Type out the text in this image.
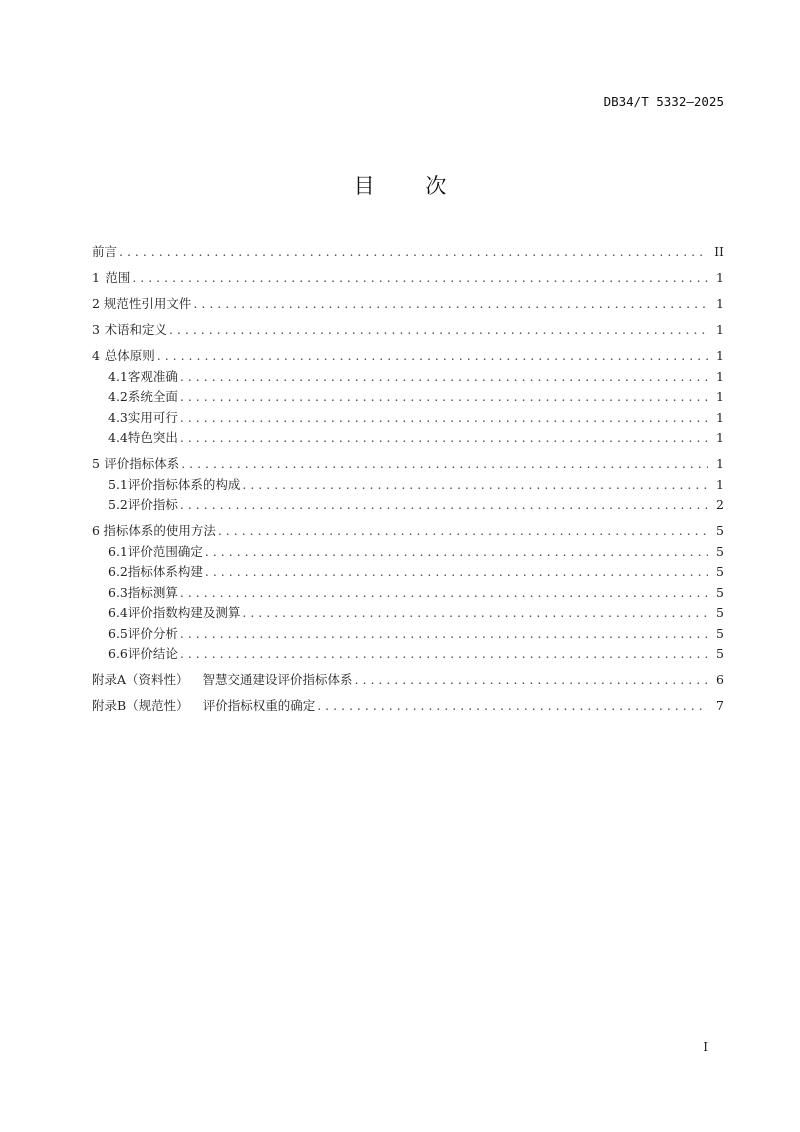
DB34/T 5332—2025
目 次
前言 . . .	II
1 范围 . . .	1
2 规范性引用文件 . . .	1
3 术语和定义 . . .	1
4 总体原则 . . .	1
4.1 客观准确 . . .	1
4.2 系统全面 . . .	1
4.3 实用可行 . . .	1
4.4 特色突出 . . .	1
5 评价指标体系 . . .	1
5.1 评价指标体系的构成 . . .	1
5.2 评价指标 . . .	2
6 指标体系的使用方法 . . .	5
6.1 评价范围确定 . . .	5
6.2 指标体系构建 . . .	5
6.3 指标测算 . . .	5
6.4 评价指数构建及测算 . . .	5
6.5 评价分析 . . .	5
6.6 评价结论 . . .	5
附录A（资料性） 智慧交通建设评价指标体系 . . .	6
附录B（规范性） 评价指标权重的确定 . . .	7
I
